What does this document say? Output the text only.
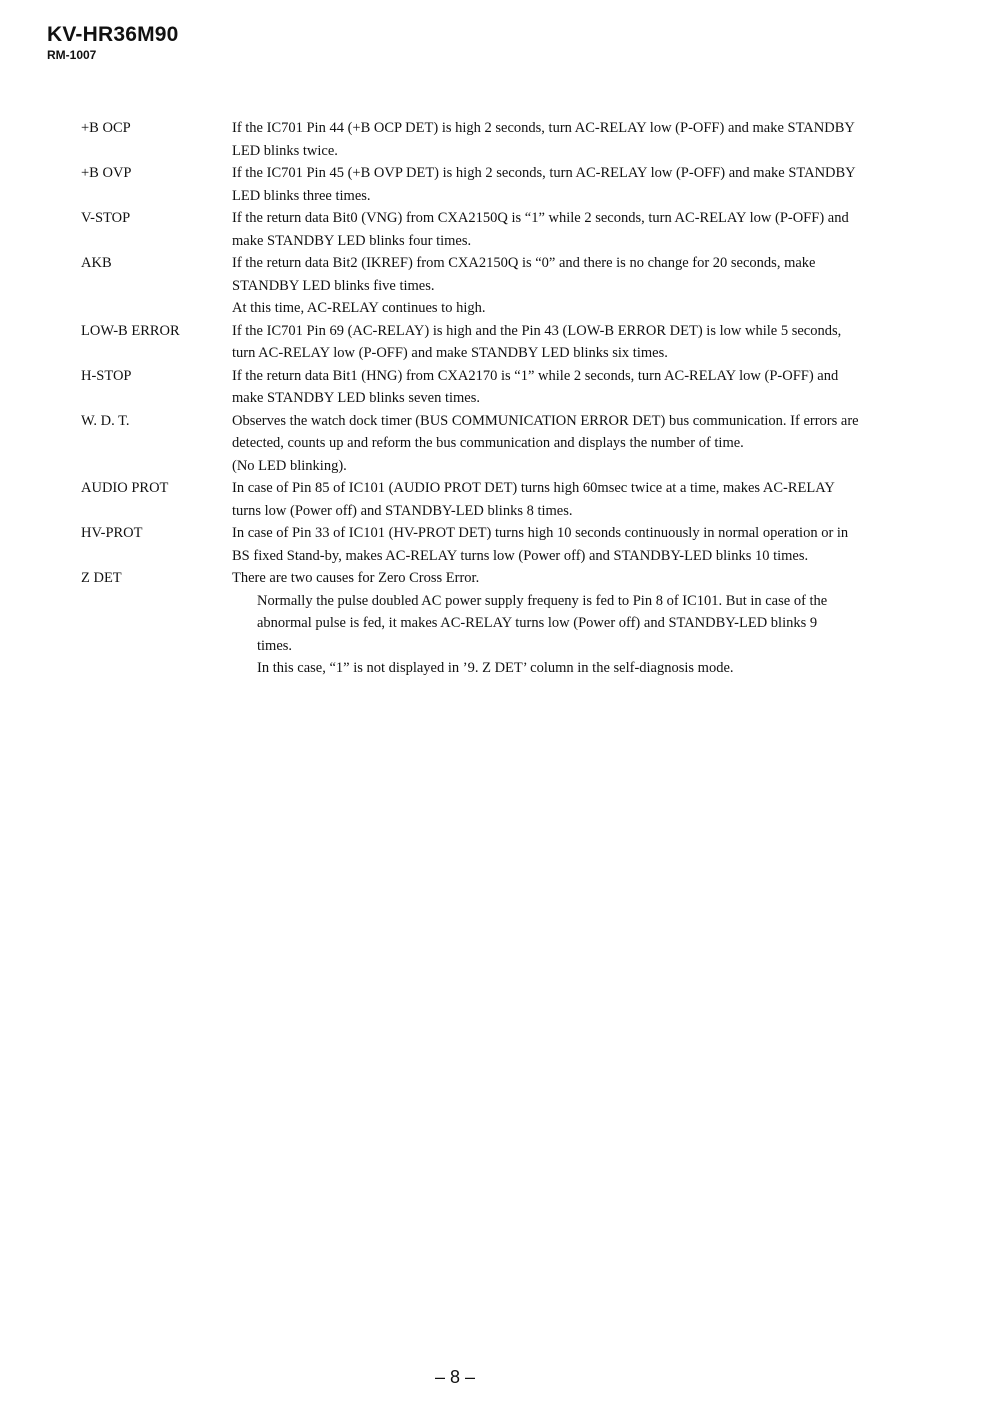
KV-HR36M90
RM-1007
+B OCP	If the IC701 Pin 44 (+B OCP DET) is high 2 seconds, turn AC-RELAY low (P-OFF) and make STANDBY
LED blinks twice.
+B OVP	If the IC701 Pin 45 (+B OVP DET) is high 2 seconds, turn AC-RELAY low (P-OFF) and make STANDBY
LED blinks three times.
V-STOP	If the return data Bit0 (VNG) from CXA2150Q is “1” while 2 seconds, turn AC-RELAY low (P-OFF) and
make STANDBY LED blinks four times.
AKB	If the return data Bit2 (IKREF) from CXA2150Q is “0” and there is no change for 20 seconds, make
STANDBY LED blinks five times.
At this time, AC-RELAY continues to high.
LOW-B ERROR	If the IC701 Pin 69 (AC-RELAY) is high and the Pin 43 (LOW-B ERROR DET) is low while 5 seconds,
turn AC-RELAY low (P-OFF) and make STANDBY LED blinks six times.
H-STOP	If the return data Bit1 (HNG) from CXA2170 is “1” while 2 seconds, turn AC-RELAY low (P-OFF) and
make STANDBY LED blinks seven times.
W. D. T.	Observes the watch dock timer (BUS COMMUNICATION ERROR DET) bus communication. If errors are
detected, counts up and reform the bus communication and displays the number of time.
(No LED blinking).
AUDIO PROT	In case of Pin 85 of IC101 (AUDIO PROT DET) turns high 60msec twice at a time, makes AC-RELAY
turns low (Power off) and STANDBY-LED blinks 8 times.
HV-PROT	In case of Pin 33 of IC101 (HV-PROT DET) turns high 10 seconds continuously in normal operation or in
BS fixed Stand-by, makes AC-RELAY turns low (Power off) and STANDBY-LED blinks 10 times.
Z DET	There are two causes for Zero Cross Error.
Normally the pulse doubled AC power supply frequeny is fed to Pin 8 of IC101. But in case of the
abnormal pulse is fed, it makes AC-RELAY turns low (Power off) and STANDBY-LED blinks 9
times.
In this case, “1” is not displayed in ’9. Z DET’ column in the self-diagnosis mode.
– 8 –
